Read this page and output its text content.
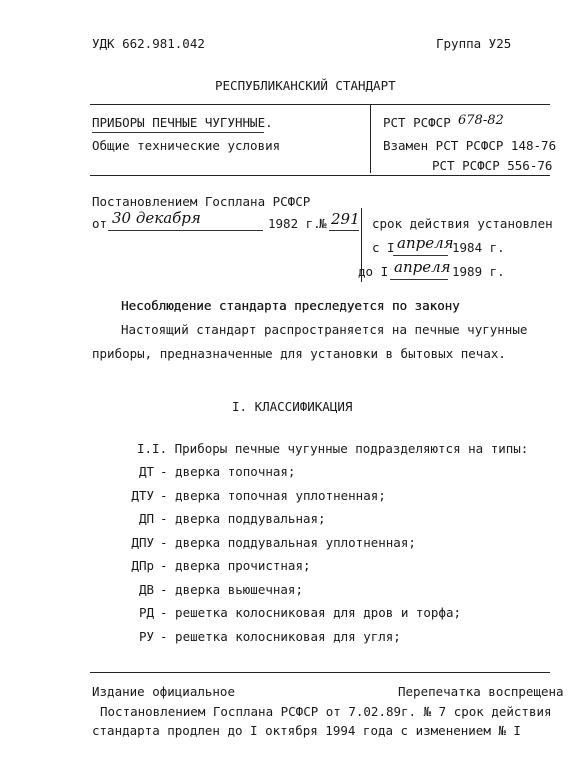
УДК 662.981.042	Группа У25
РЕСПУБЛИКАНСКИЙ СТАНДАРТ
ПРИБОРЫ ПЕЧНЫЕ ЧУГУННЫЕ.
Общие технические условия
РСТ РСФСР 678-82
Взамен РСТ РСФСР 148-76
РСТ РСФСР 556-76
Постановлением Госплана РСФСР
от 30 декабря	1982 г.
№ 291 срок действия установлен
с I апреля
1984 г.
до I апреля 1989 г.
Несоблюдение стандарта преследуется по закону
Настоящий стандарт распространяется на печные чугунные
приборы, предназначенные для установки в бытовых печах.
I. КЛАССИФИКАЦИЯ
I.I. Приборы печные чугунные подразделяются на типы:
ДТ - дверка топочная;
ДТУ - дверка топочная уплотненная;
ДП - дверка поддувальная;
ДПУ - дверка поддувальная уплотненная;
ДПр - дверка прочистная;
ДВ - дверка вьюшечная;
РД - решетка колосниковая для дров и торфа;
РУ - решетка колосниковая для угля;
Издание официальное	Перепечатка воспрещена
Постановлением Госплана РСФСР от 7.02.89г. № 7 срок действия
стандарта продлен до I октября 1994 года с изменением № I
